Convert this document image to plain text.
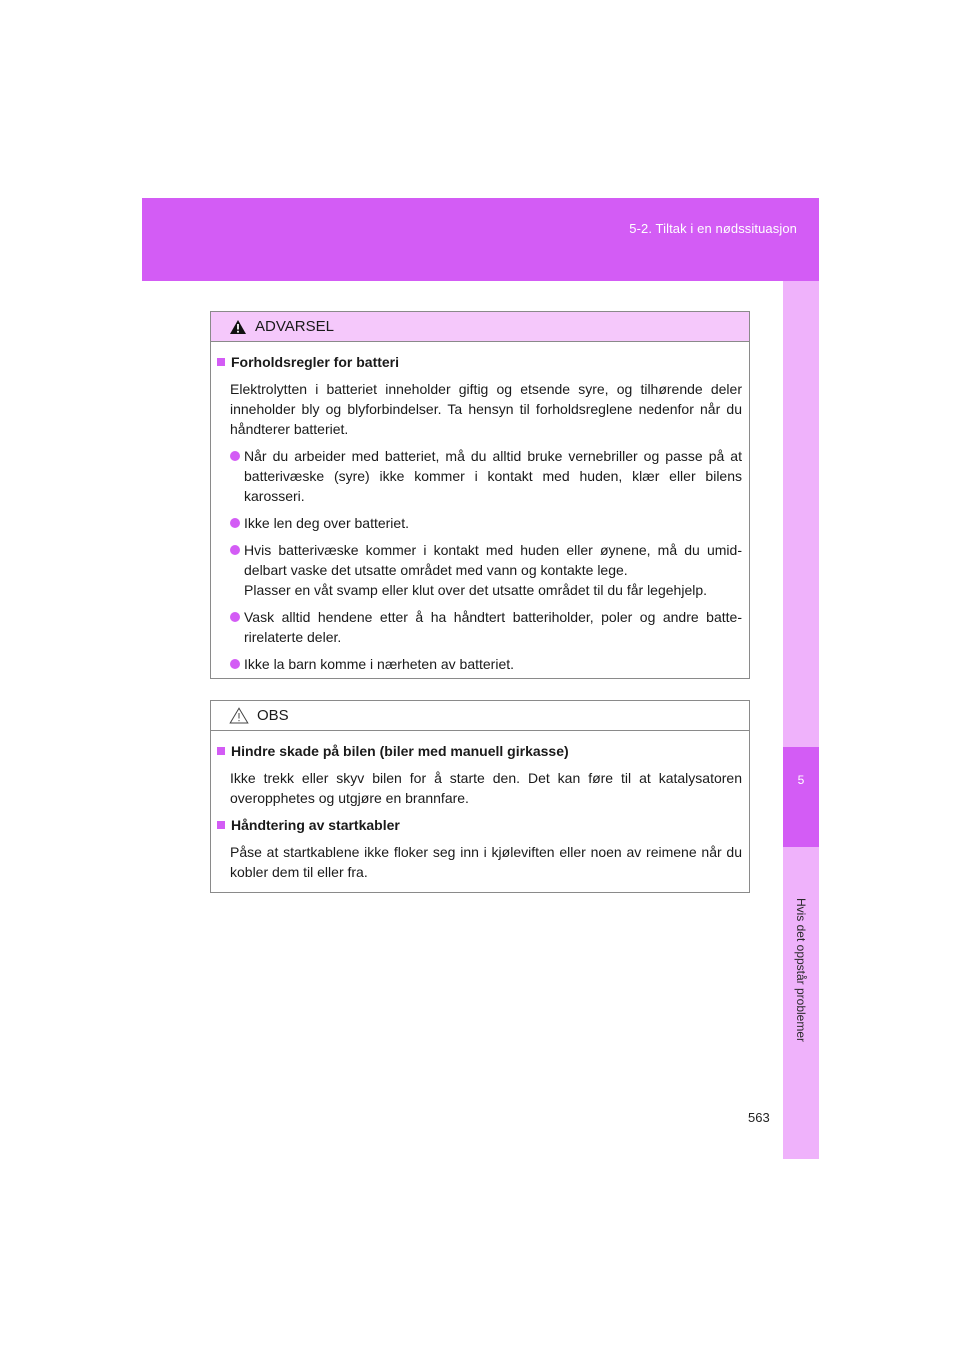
5-2. Tiltak i en nødssituasjon
5
Hvis det oppstår problemer
ADVARSEL
Forholdsregler for batteri
Elektrolytten i batteriet inneholder giftig og etsende syre, og tilhørende deler inneholder bly og blyforbindelser. Ta hensyn til forholdsreglene nedenfor når du håndterer batteriet.
Når du arbeider med batteriet, må du alltid bruke vernebriller og passe på at batterivæske (syre) ikke kommer i kontakt med huden, klær eller bilens karosseri.
Ikke len deg over batteriet.
Hvis batterivæske kommer i kontakt med huden eller øynene, må du umiddelbart vaske det utsatte området med vann og kontakte lege.
Plasser en våt svamp eller klut over det utsatte området til du får legehjelp.
Vask alltid hendene etter å ha håndtert batteriholder, poler og andre batterirelaterte deler.
Ikke la barn komme i nærheten av batteriet.
OBS
Hindre skade på bilen (biler med manuell girkasse)
Ikke trekk eller skyv bilen for å starte den. Det kan føre til at katalysatoren overopphetes og utgjøre en brannfare.
Håndtering av startkabler
Påse at startkablene ikke floker seg inn i kjøleviften eller noen av reimene når du kobler dem til eller fra.
563
